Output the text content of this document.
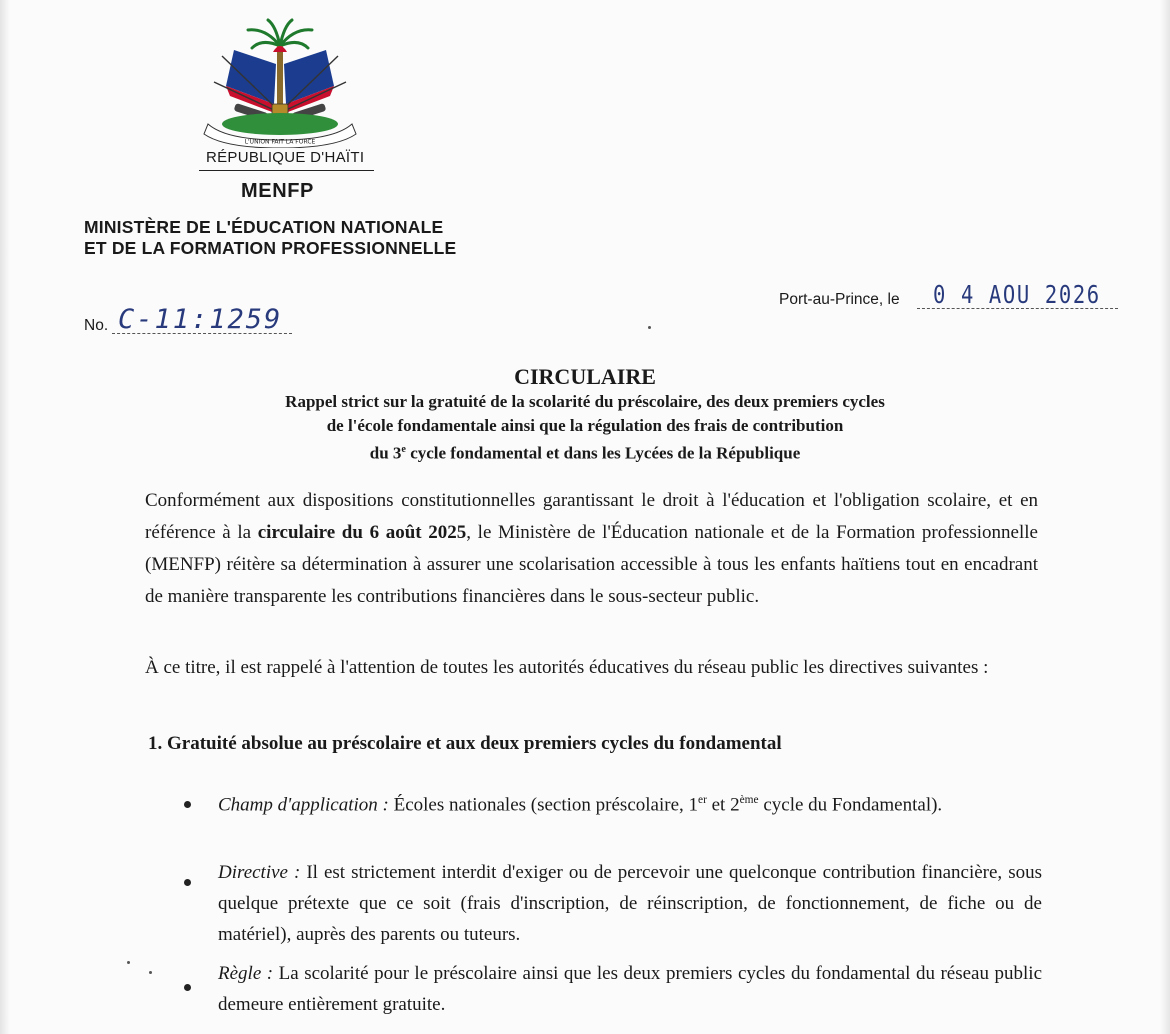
L'UNION FAIT LA FORCE
RÉPUBLIQUE D'HAÏTI
MENFP
MINISTÈRE DE L'ÉDUCATION NATIONALE
ET DE LA FORMATION PROFESSIONNELLE
Port-au-Prince, le 0 4 AOU 2026
No. C-11:1259
CIRCULAIRE

Rappel strict sur la gratuité de la scolarité du préscolaire, des deux premiers cycles

de l'école fondamentale ainsi que la régulation des frais de contribution

du 3e cycle fondamental et dans les Lycées de la République

Conformément aux dispositions constitutionnelles garantissant le droit à l'éducation et l'obligation scolaire, et en référence à la circulaire du 6 août 2025, le Ministère de l'Éducation nationale et de la Formation professionnelle (MENFP) réitère sa détermination à assurer une scolarisation accessible à tous les enfants haïtiens tout en encadrant de manière transparente les contributions financières dans le sous-secteur public.

À ce titre, il est rappelé à l'attention de toutes les autorités éducatives du réseau public les directives suivantes :

1. Gratuité absolue au préscolaire et aux deux premiers cycles du fondamental

Champ d'application : Écoles nationales (section préscolaire, 1er et 2ème cycle du Fondamental).

Directive : Il est strictement interdit d'exiger ou de percevoir une quelconque contribution financière, sous quelque prétexte que ce soit (frais d'inscription, de réinscription, de fonctionnement, de fiche ou de matériel), auprès des parents ou tuteurs.

Règle : La scolarité pour le préscolaire ainsi que les deux premiers cycles du fondamental du réseau public demeure entièrement gratuite.
